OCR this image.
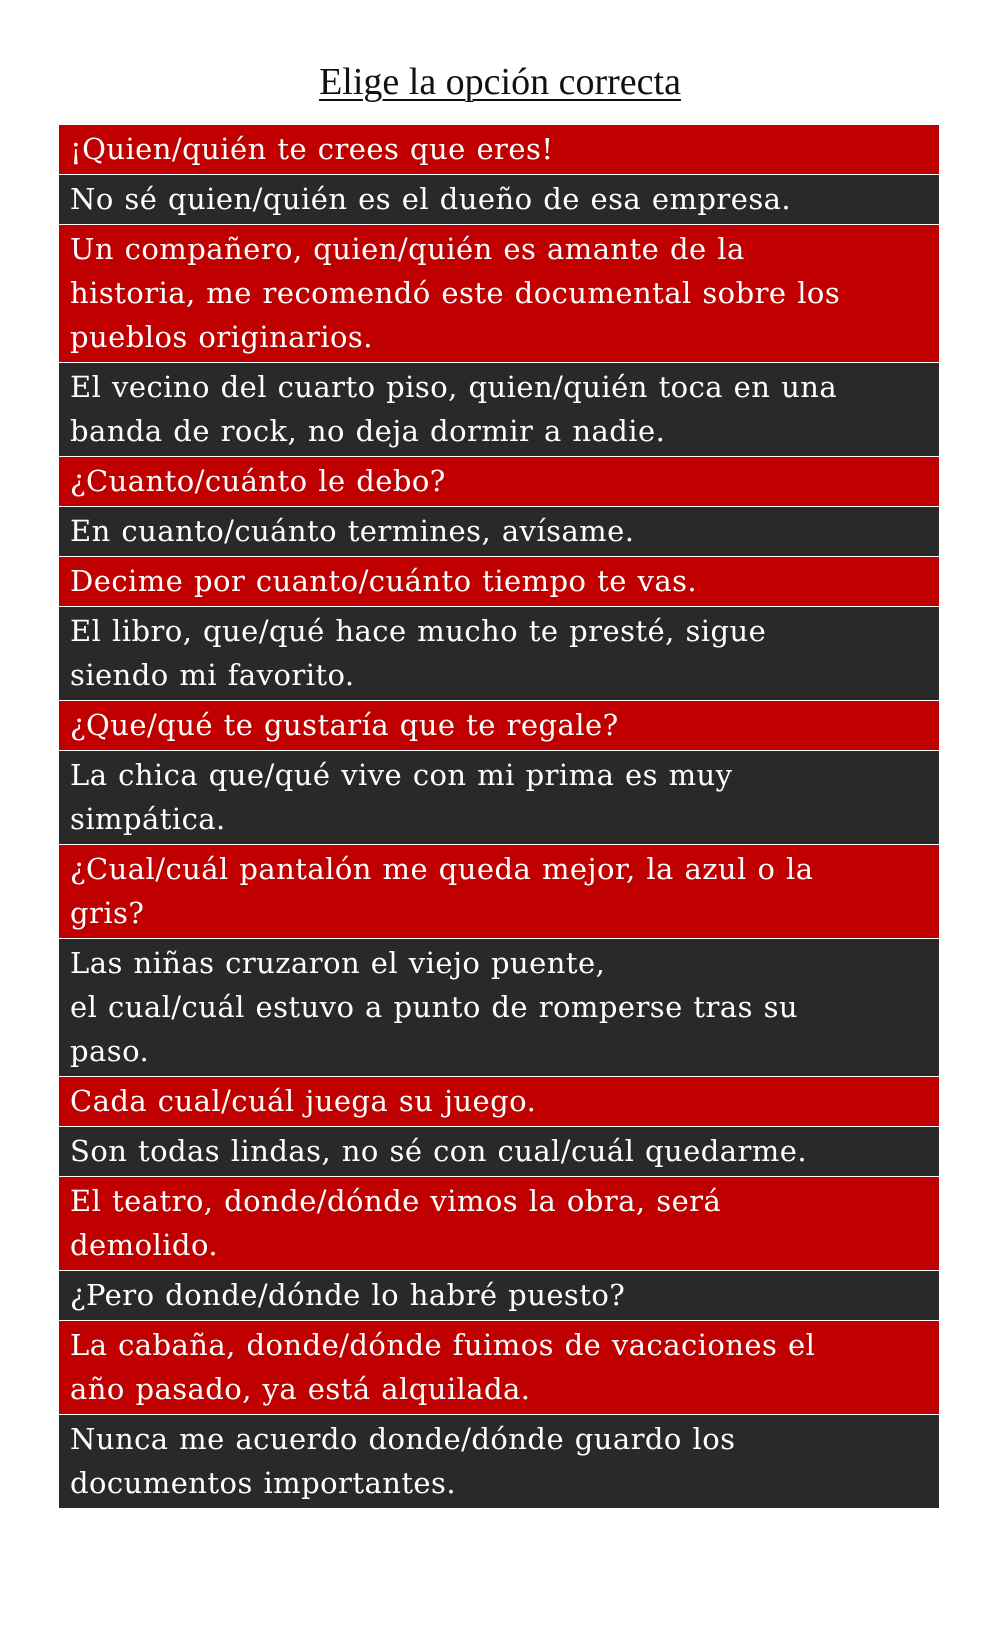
Elige la opción correcta
¡Quien/quién te crees que eres!
No sé quien/quién es el dueño de esa empresa.
Un compañero, quien/quién es amante de la
historia, me recomendó este documental sobre los
pueblos originarios.
El vecino del cuarto piso, quien/quién toca en una
banda de rock, no deja dormir a nadie.
¿Cuanto/cuánto le debo?
En cuanto/cuánto termines, avísame.
Decime por cuanto/cuánto tiempo te vas.
El libro, que/qué hace mucho te presté, sigue
siendo mi favorito.
¿Que/qué te gustaría que te regale?
La chica que/qué vive con mi prima es muy
simpática.
¿Cual/cuál pantalón me queda mejor, la azul o la
gris?
Las niñas cruzaron el viejo puente,
el cual/cuál estuvo a punto de romperse tras su
paso.
Cada cual/cuál juega su juego.
Son todas lindas, no sé con cual/cuál quedarme.
El teatro, donde/dónde vimos la obra, será
demolido.
¿Pero donde/dónde lo habré puesto?
La cabaña, donde/dónde fuimos de vacaciones el
año pasado, ya está alquilada.
Nunca me acuerdo donde/dónde guardo los
documentos importantes.
